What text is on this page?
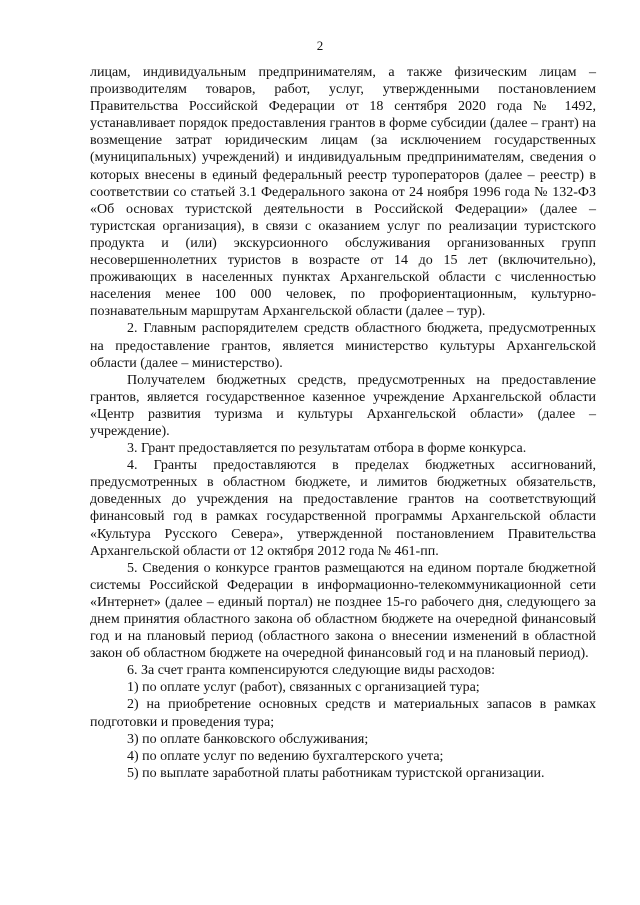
2

лицам, индивидуальным предпринимателям, а также физическим лицам – производителям товаров, работ, услуг, утвержденными постановлением Правительства Российской Федерации от 18 сентября 2020 года № 1492, устанавливает порядок предоставления грантов в форме субсидии (далее – грант) на возмещение затрат юридическим лицам (за исключением государственных (муниципальных) учреждений) и индивидуальным предпринимателям, сведения о которых внесены в единый федеральный реестр туроператоров (далее – реестр) в соответствии со статьей 3.1 Федерального закона от 24 ноября 1996 года № 132-ФЗ «Об основах туристской деятельности в Российской Федерации» (далее – туристская организация), в связи с оказанием услуг по реализации туристского продукта и (или) экскурсионного обслуживания организованных групп несовершеннолетних туристов в возрасте от 14 до 15 лет (включительно), проживающих в населенных пунктах Архангельской области с численностью населения менее 100 000 человек, по профориентационным, культурно-познавательным маршрутам Архангельской области (далее – тур).

2. Главным распорядителем средств областного бюджета, предусмотренных на предоставление грантов, является министерство культуры Архангельской области (далее – министерство).

Получателем бюджетных средств, предусмотренных на предоставление грантов, является государственное казенное учреждение Архангельской области «Центр развития туризма и культуры Архангельской области» (далее – учреждение).

3. Грант предоставляется по результатам отбора в форме конкурса.

4. Гранты предоставляются в пределах бюджетных ассигнований, предусмотренных в областном бюджете, и лимитов бюджетных обязательств, доведенных до учреждения на предоставление грантов на соответствующий финансовый год в рамках государственной программы Архангельской области «Культура Русского Севера», утвержденной постановлением Правительства Архангельской области от 12 октября 2012 года № 461-пп.

5. Сведения о конкурсе грантов размещаются на едином портале бюджетной системы Российской Федерации в информационно-телекоммуникационной сети «Интернет» (далее – единый портал) не позднее 15-го рабочего дня, следующего за днем принятия областного закона об областном бюджете на очередной финансовый год и на плановый период (областного закона о внесении изменений в областной закон об областном бюджете на очередной финансовый год и на плановый период).

6. За счет гранта компенсируются следующие виды расходов:

1) по оплате услуг (работ), связанных с организацией тура;

2) на приобретение основных средств и материальных запасов в рамках подготовки и проведения тура;

3) по оплате банковского обслуживания;

4) по оплате услуг по ведению бухгалтерского учета;

5) по выплате заработной платы работникам туристской организации.
